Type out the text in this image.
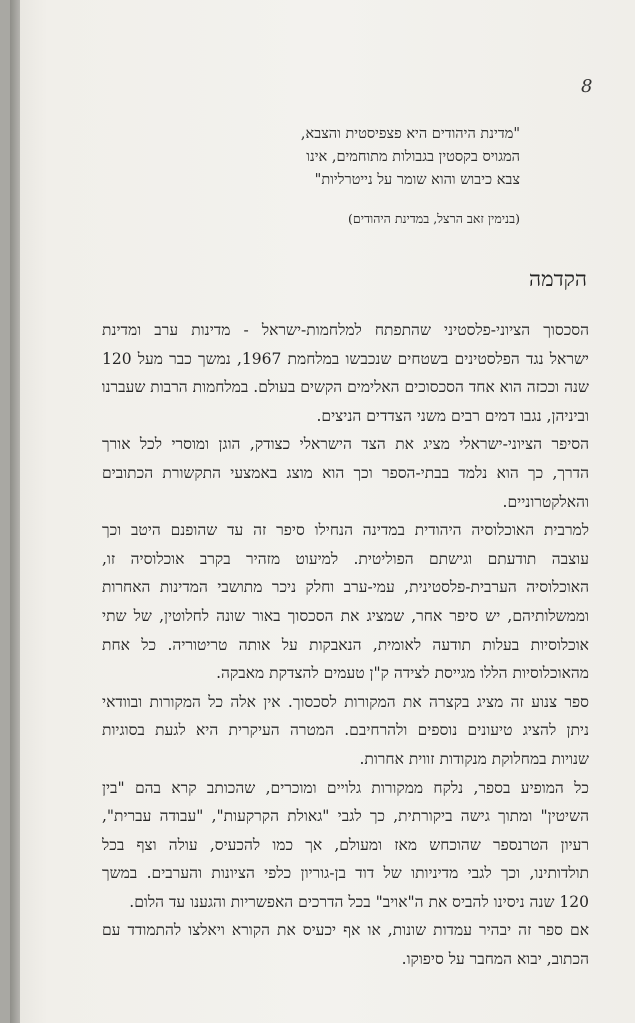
8
"מדינת היהודים היא פצפיסטית והצבא,
המגויס בקסטין בגבולות מתוחמים, אינו
צבא כיבוש והוא שומר על נייטרליות"
(בנימין זאב הרצל, במדינת היהודים)
הקדמה
הסכסוך הציוני-פלסטיני שהתפתח למלחמות-ישראל - מדינות ערב ומדינת
ישראל נגד הפלסטינים בשטחים שנכבשו במלחמת 1967, נמשך כבר מעל 120
שנה וככזה הוא אחד הסכסוכים האלימים הקשים בעולם. במלחמות הרבות שעברנו
וביניהן, נגבו דמים רבים משני הצדדים הניצים.
הסיפר הציוני-ישראלי מציג את הצד הישראלי כצודק, הוגן ומוסרי לכל אורך
הדרך, כך הוא נלמד בבתי-הספר וכך הוא מוצג באמצעי התקשורת הכתובים
והאלקטרוניים.
למרבית האוכלוסיה היהודית במדינה הנחילו סיפר זה עד שהופנם היטב וכך
עוצבה תודעתם וגישתם הפוליטית. למיעוט מזהיר בקרב אוכלוסיה זו,
האוכלוסיה הערבית-פלסטינית, עמי-ערב וחלק ניכר מתושבי המדינות האחרות
וממשלותיהם, יש סיפר אחר, שמציג את הסכסוך באור שונה לחלוטין, של שתי
אוכלוסיות בעלות תודעה לאומית, הנאבקות על אותה טריטוריה. כל אחת
מהאוכלוסיות הללו מגייסת לצידה ק"ן טעמים להצדקת מאבקה.
ספר צנוע זה מציג בקצרה את המקורות לסכסוך. אין אלה כל המקורות ובוודאי
ניתן להציג טיעונים נוספים ולהרחיבם. המטרה העיקרית היא לגעת בסוגיות
שנויות במחלוקת מנקודות זווית אחרות.
כל המופיע בספר, נלקח ממקורות גלויים ומוכרים, שהכותב קרא בהם "בין
השיטין" ומתוך גישה ביקורתית, כך לגבי "גאולת הקרקעות", "עבודה עברית",
רעיון הטרנספר שהוכחש מאז ומעולם, אך כמו להכעיס, עולה וצף בכל
תולדותינו, וכך לגבי מדיניותו של דוד בן-גוריון כלפי הציונות והערבים. במשך
120 שנה ניסינו להביס את ה"אויב" בכל הדרכים האפשריות והגענו עד הלום.
אם ספר זה יבהיר עמדות שונות, או אף יכעיס את הקורא ויאלצו להתמודד עם
הכתוב, יבוא המחבר על סיפוקו.
